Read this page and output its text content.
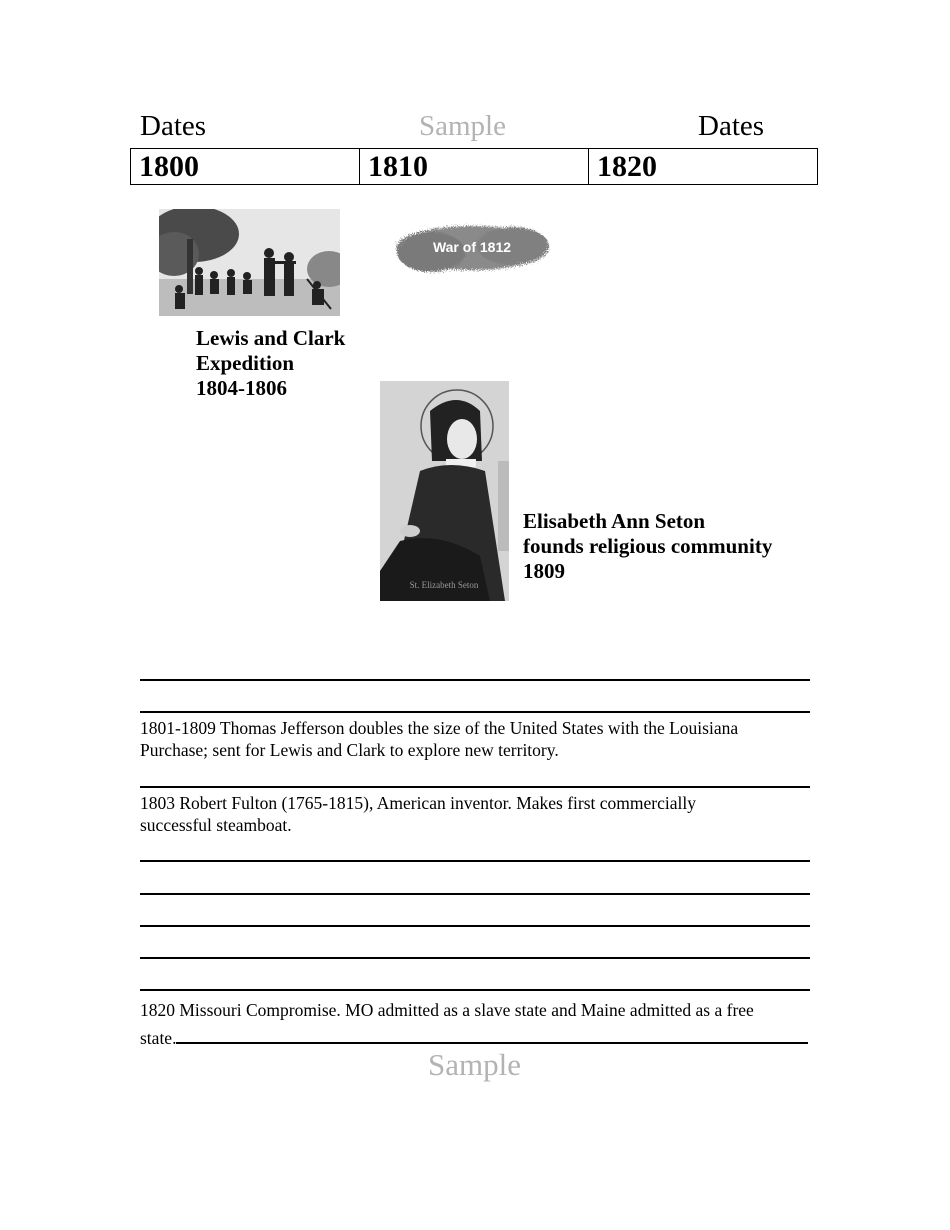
Dates	Sample	Dates
1800	1810	1820
Lewis and Clark
Expedition
1804-1806
War of 1812
St. Elizabeth Seton
Elisabeth Ann Seton
founds religious community
1809
1801-1809 Thomas Jefferson doubles the size of the United States with the Louisiana
Purchase; sent for Lewis and Clark to explore new territory.
1803 Robert Fulton (1765-1815), American inventor. Makes first commercially
successful steamboat.
1820 Missouri Compromise. MO admitted as a slave state and Maine admitted as a free
state.
Sample
